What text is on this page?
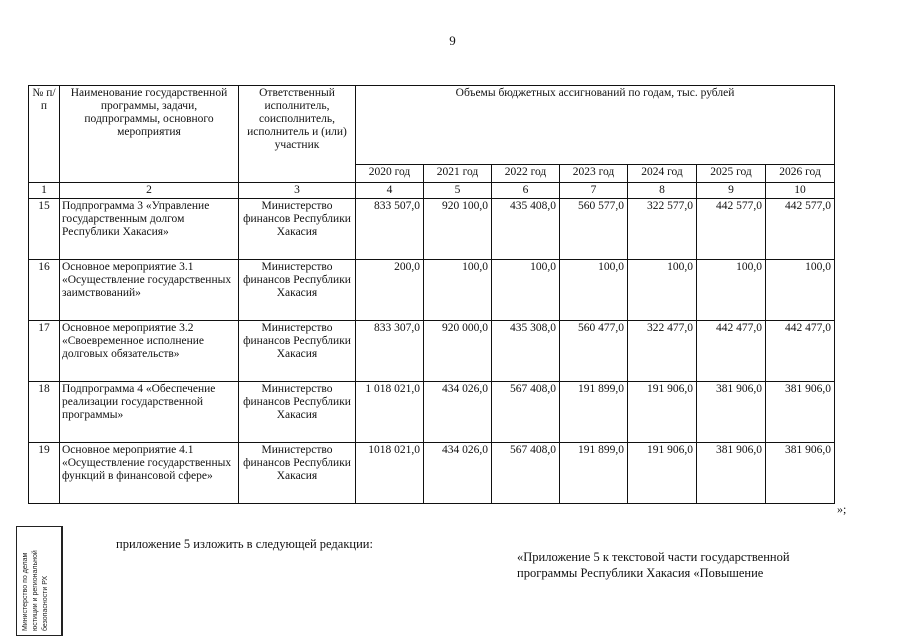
9
№ п/п	Наименование государственной программы, задачи, подпрограммы, основного мероприятия	Ответственный исполнитель, соисполнитель, исполнитель и (или) участник	Объемы бюджетных ассигнований по годам, тыс. рублей						
			2020 год	2021 год	2022 год	2023 год	2024 год	2025 год	2026 год
1	2	3	4	5	6	7	8	9	10
15	Подпрограмма 3 «Управление государственным долгом Республики Хакасия»	Министерство финансов Республики Хакасия	833 507,0	920 100,0	435 408,0	560 577,0	322 577,0	442 577,0	442 577,0
16	Основное мероприятие 3.1 «Осуществление государственных заимствований»	Министерство финансов Республики Хакасия	200,0	100,0	100,0	100,0	100,0	100,0	100,0
17	Основное мероприятие 3.2 «Своевременное исполнение долговых обязательств»	Министерство финансов Республики Хакасия	833 307,0	920 000,0	435 308,0	560 477,0	322 477,0	442 477,0	442 477,0
18	Подпрограмма 4 «Обеспечение реализации государственной программы»	Министерство финансов Республики Хакасия	1 018 021,0	434 026,0	567 408,0	191 899,0	191 906,0	381 906,0	381 906,0
19	Основное мероприятие 4.1 «Осуществление государственных функций в финансовой сфере»	Министерство финансов Республики Хакасия	1018 021,0	434 026,0	567 408,0	191 899,0	191 906,0	381 906,0	381 906,0
»;
Министерство по делам юстиции и региональной безопасности РХ
приложение 5 изложить в следующей редакции:
«Приложение 5 к текстовой части государственной программы Республики Хакасия «Повышение
